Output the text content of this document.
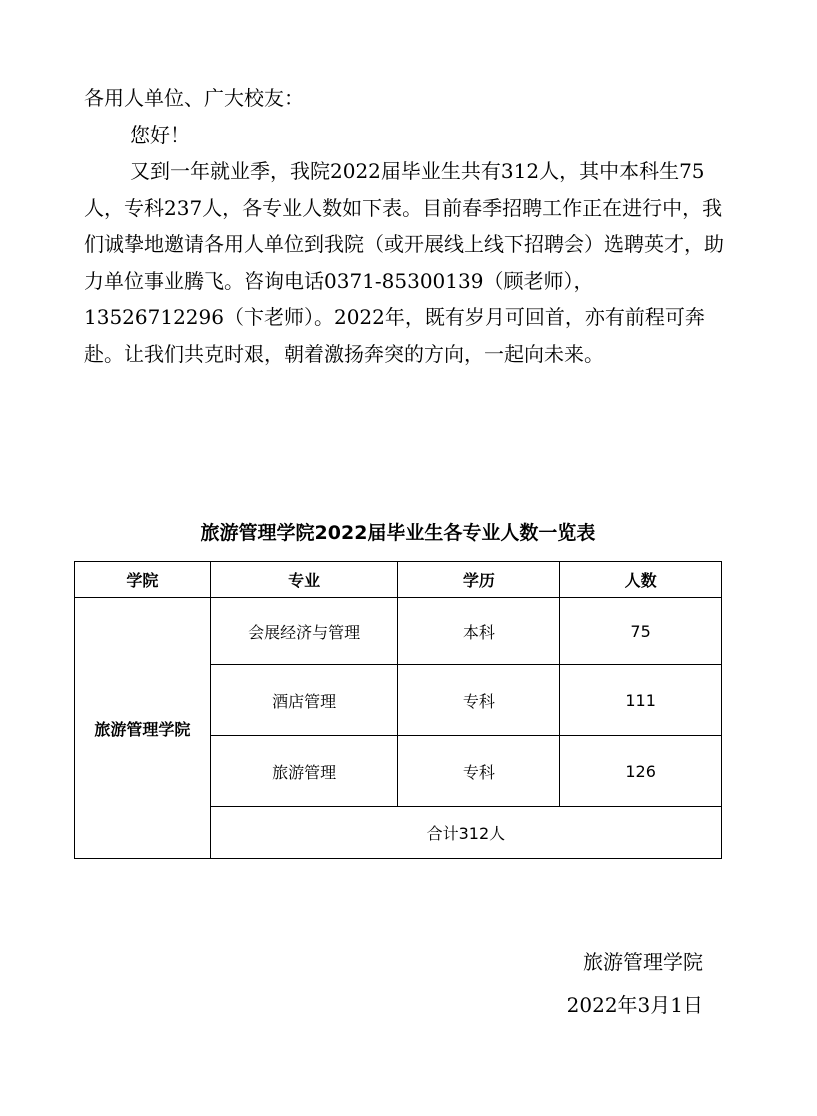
各用人单位、广大校友：

您好！

又到一年就业季，我院2022届毕业生共有312人，其中本科生75人，专科237人，各专业人数如下表。目前春季招聘工作正在进行中，我们诚挚地邀请各用人单位到我院（或开展线上线下招聘会）选聘英才，助力单位事业腾飞。咨询电话0371-85300139（顾老师），13526712296（卞老师）。2022年，既有岁月可回首，亦有前程可奔赴。让我们共克时艰，朝着激扬奔突的方向，一起向未来。

旅游管理学院2022届毕业生各专业人数一览表
学院	专业	学历	人数
旅游管理学院	会展经济与管理	本科	75
	酒店管理	专科	111
	旅游管理	专科	126
	合计312人		
旅游管理学院
2022年3月1日
